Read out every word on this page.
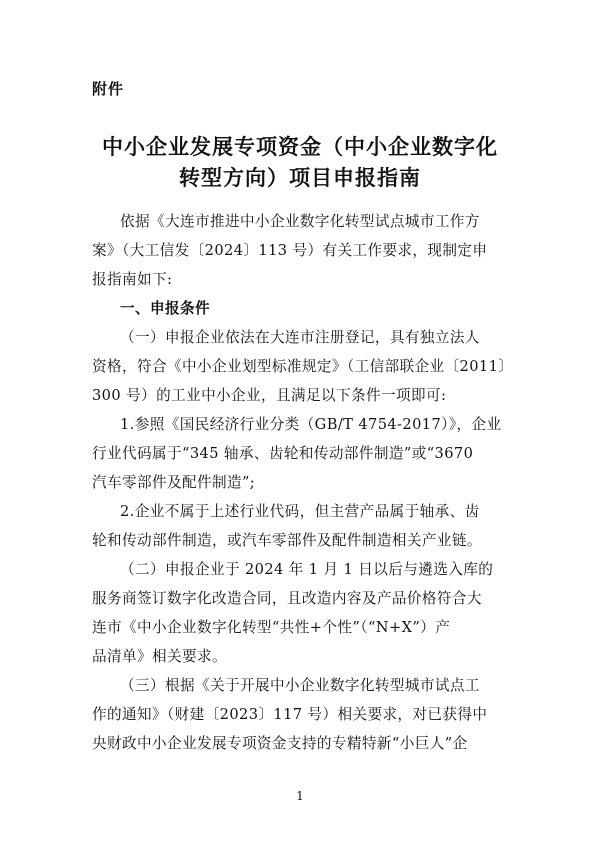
附件
中小企业发展专项资金（中小企业数字化
转型方向）项目申报指南
依据《大连市推进中小企业数字化转型试点城市工作方
案》（大工信发〔2024〕113 号）有关工作要求，现制定申
报指南如下:
一、申报条件
（一）申报企业依法在大连市注册登记，具有独立法人
资格，符合《中小企业划型标准规定》（工信部联企业〔2011〕
300 号）的工业中小企业，且满足以下条件一项即可:
1.参照《国民经济行业分类（GB/T 4754-2017）》，企业
行业代码属于“345 轴承、齿轮和传动部件制造”或“3670
汽车零部件及配件制造”;
2.企业不属于上述行业代码，但主营产品属于轴承、齿
轮和传动部件制造，或汽车零部件及配件制造相关产业链。
（二）申报企业于 2024 年 1 月 1 日以后与遴选入库的
服务商签订数字化改造合同，且改造内容及产品价格符合大
连市《中小企业数字化转型“共性+个性”（“N+X”）产
品清单》相关要求。
（三）根据《关于开展中小企业数字化转型城市试点工
作的通知》（财建〔2023〕117 号）相关要求，对已获得中
央财政中小企业发展专项资金支持的专精特新“小巨人”企
1
